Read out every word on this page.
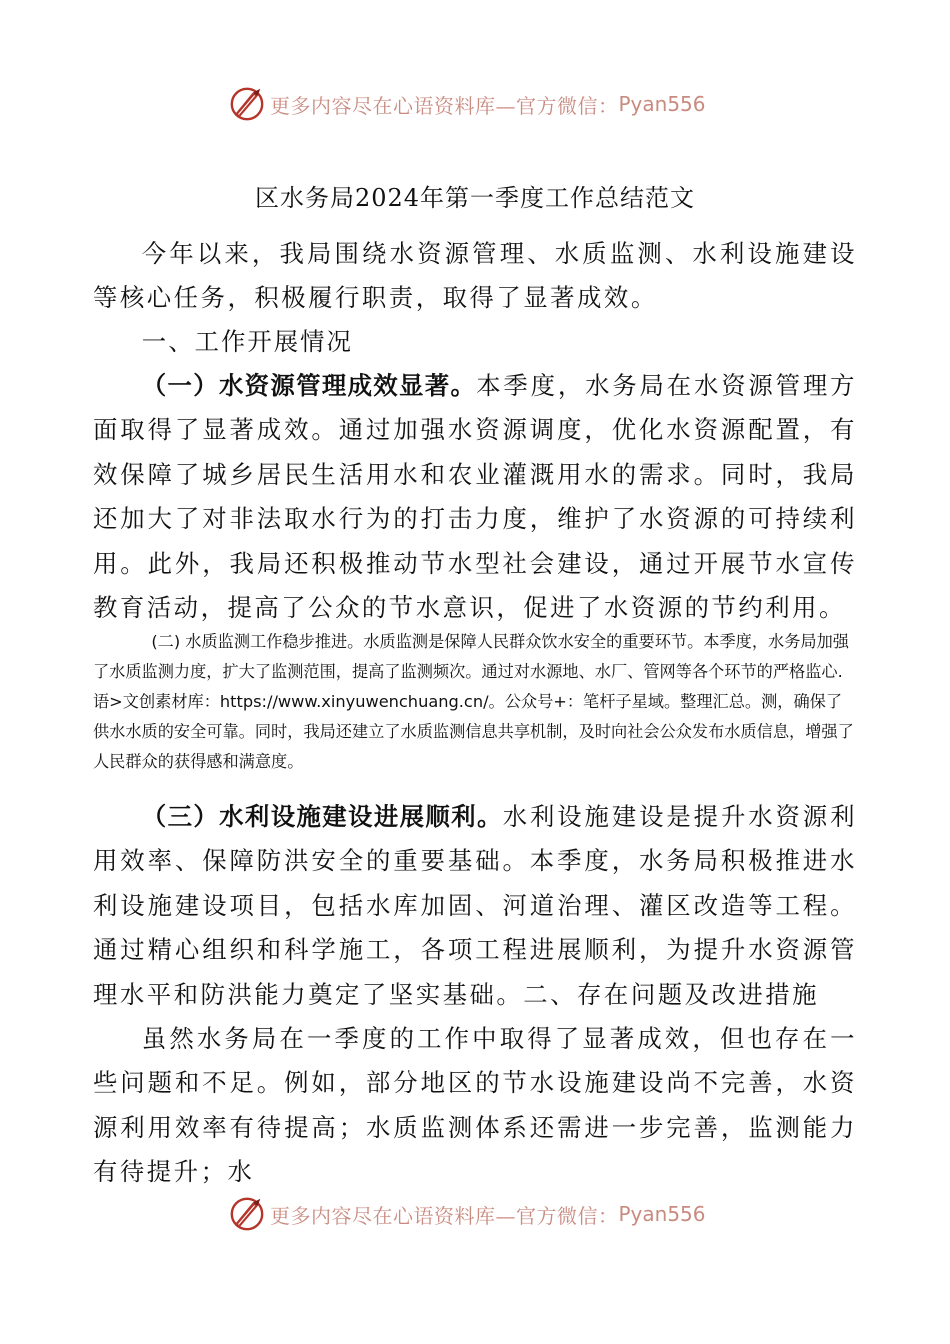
更多内容尽在心语资料库—官方微信： Pyan556
区水务局2024年第一季度工作总结范文

今年以来，我局围绕水资源管理、水质监测、水利设施建设等核心任务，积极履行职责，取得了显著成效。

一、工作开展情况

（一）水资源管理成效显著。本季度，水务局在水资源管理方面取得了显著成效。通过加强水资源调度，优化水资源配置，有效保障了城乡居民生活用水和农业灌溉用水的需求。同时，我局还加大了对非法取水行为的打击力度，维护了水资源的可持续利用。此外，我局还积极推动节水型社会建设，通过开展节水宣传教育活动，提高了公众的节水意识，促进了水资源的节约利用。

(二) 水质监测工作稳步推进。水质监测是保障人民群众饮水安全的重要环节。本季度，水务局加强了水质监测力度，扩大了监测范围，提高了监测频次。通过对水源地、水厂、管网等各个环节的严格监心.语>文创素材库：https://www.xinyuwenchuang.cn/。公众号+：笔杆子星域。整理汇总。测，确保了供水水质的安全可靠。同时，我局还建立了水质监测信息共享机制，及时向社会公众发布水质信息，增强了人民群众的获得感和满意度。

（三）水利设施建设进展顺利。水利设施建设是提升水资源利用效率、保障防洪安全的重要基础。本季度，水务局积极推进水利设施建设项目，包括水库加固、河道治理、灌区改造等工程。通过精心组织和科学施工，各项工程进展顺利，为提升水资源管理水平和防洪能力奠定了坚实基础。二、存在问题及改进措施

虽然水务局在一季度的工作中取得了显著成效，但也存在一些问题和不足。例如，部分地区的节水设施建设尚不完善，水资源利用效率有待提高；水质监测体系还需进一步完善，监测能力有待提升；水

更多内容尽在心语资料库—官方微信： Pyan556
